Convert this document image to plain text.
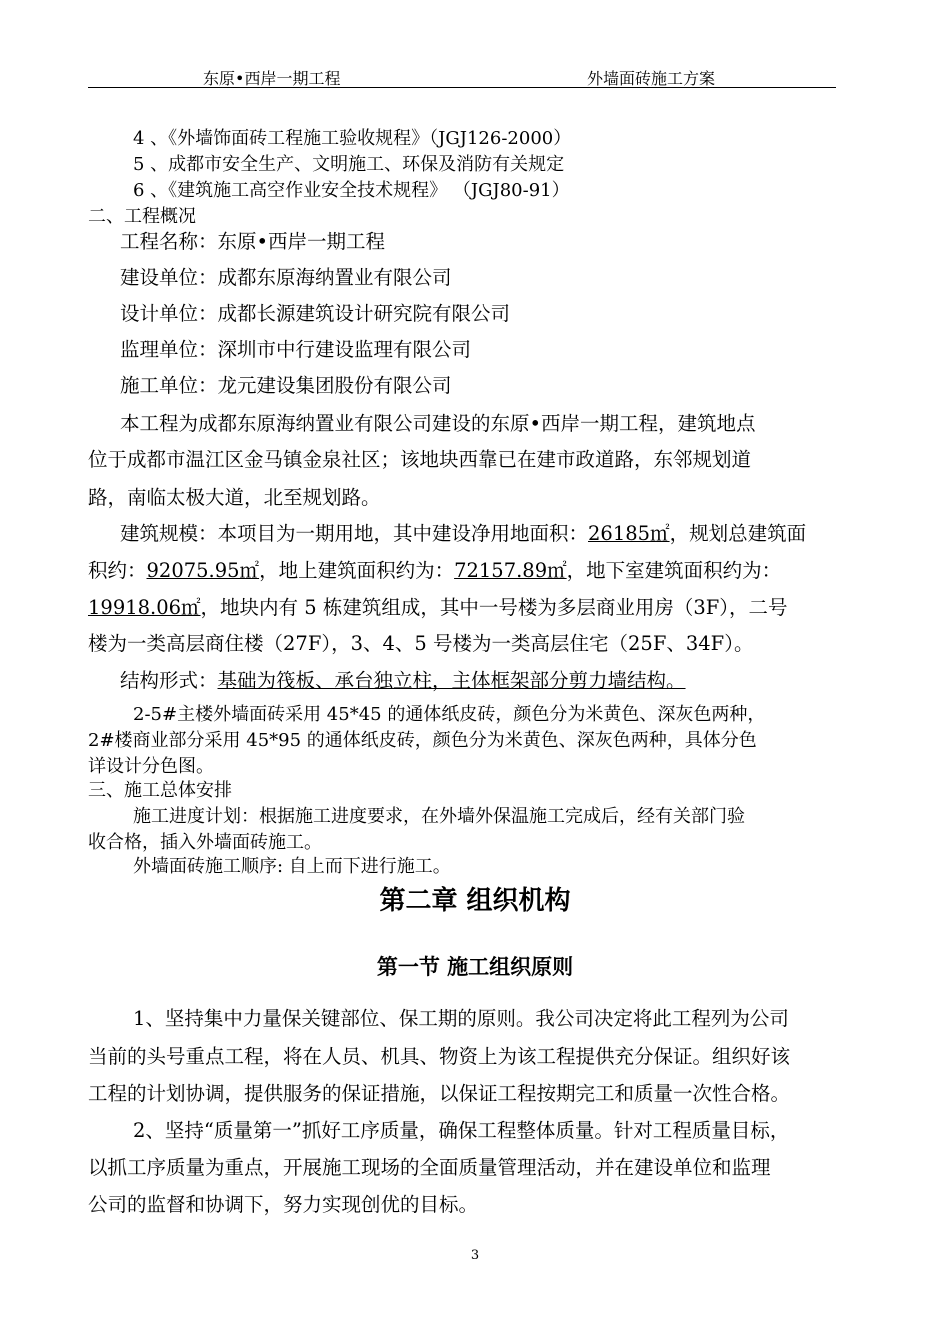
东原•西岸一期工程	外墙面砖施工方案
4 、《外墙饰面砖工程施工验收规程》（JGJ126-2000）
5 、成都市安全生产、文明施工、环保及消防有关规定
6 、《建筑施工高空作业安全技术规程》 （JGJ80-91）
二、工程概况
工程名称：东原•西岸一期工程
建设单位：成都东原海纳置业有限公司
设计单位：成都长源建筑设计研究院有限公司
监理单位：深圳市中行建设监理有限公司
施工单位：龙元建设集团股份有限公司
本工程为成都东原海纳置业有限公司建设的东原•西岸一期工程，建筑地点
位于成都市温江区金马镇金泉社区；该地块西靠已在建市政道路，东邻规划道
路，南临太极大道，北至规划路。
建筑规模：本项目为一期用地，其中建设净用地面积：26185㎡，规划总建筑面
积约：92075.95㎡，地上建筑面积约为：72157.89㎡，地下室建筑面积约为：
19918.06㎡，地块内有 5 栋建筑组成，其中一号楼为多层商业用房（3F），二号
楼为一类高层商住楼（27F），3、4、5 号楼为一类高层住宅（25F、34F）。
结构形式：基础为筏板、承台独立柱，主体框架部分剪力墙结构。
2-5#主楼外墙面砖采用 45*45 的通体纸皮砖，颜色分为米黄色、深灰色两种，
2#楼商业部分采用 45*95 的通体纸皮砖，颜色分为米黄色、深灰色两种，具体分色
详设计分色图。
三、施工总体安排
施工进度计划：根据施工进度要求，在外墙外保温施工完成后，经有关部门验
收合格，插入外墙面砖施工。
外墙面砖施工顺序: 自上而下进行施工。
第二章 组织机构
第一节 施工组织原则
1、坚持集中力量保关键部位、保工期的原则。我公司决定将此工程列为公司
当前的头号重点工程，将在人员、机具、物资上为该工程提供充分保证。组织好该
工程的计划协调，提供服务的保证措施，以保证工程按期完工和质量一次性合格。
2、坚持“质量第一”抓好工序质量，确保工程整体质量。针对工程质量目标，
以抓工序质量为重点，开展施工现场的全面质量管理活动，并在建设单位和监理
公司的监督和协调下，努力实现创优的目标。
3
